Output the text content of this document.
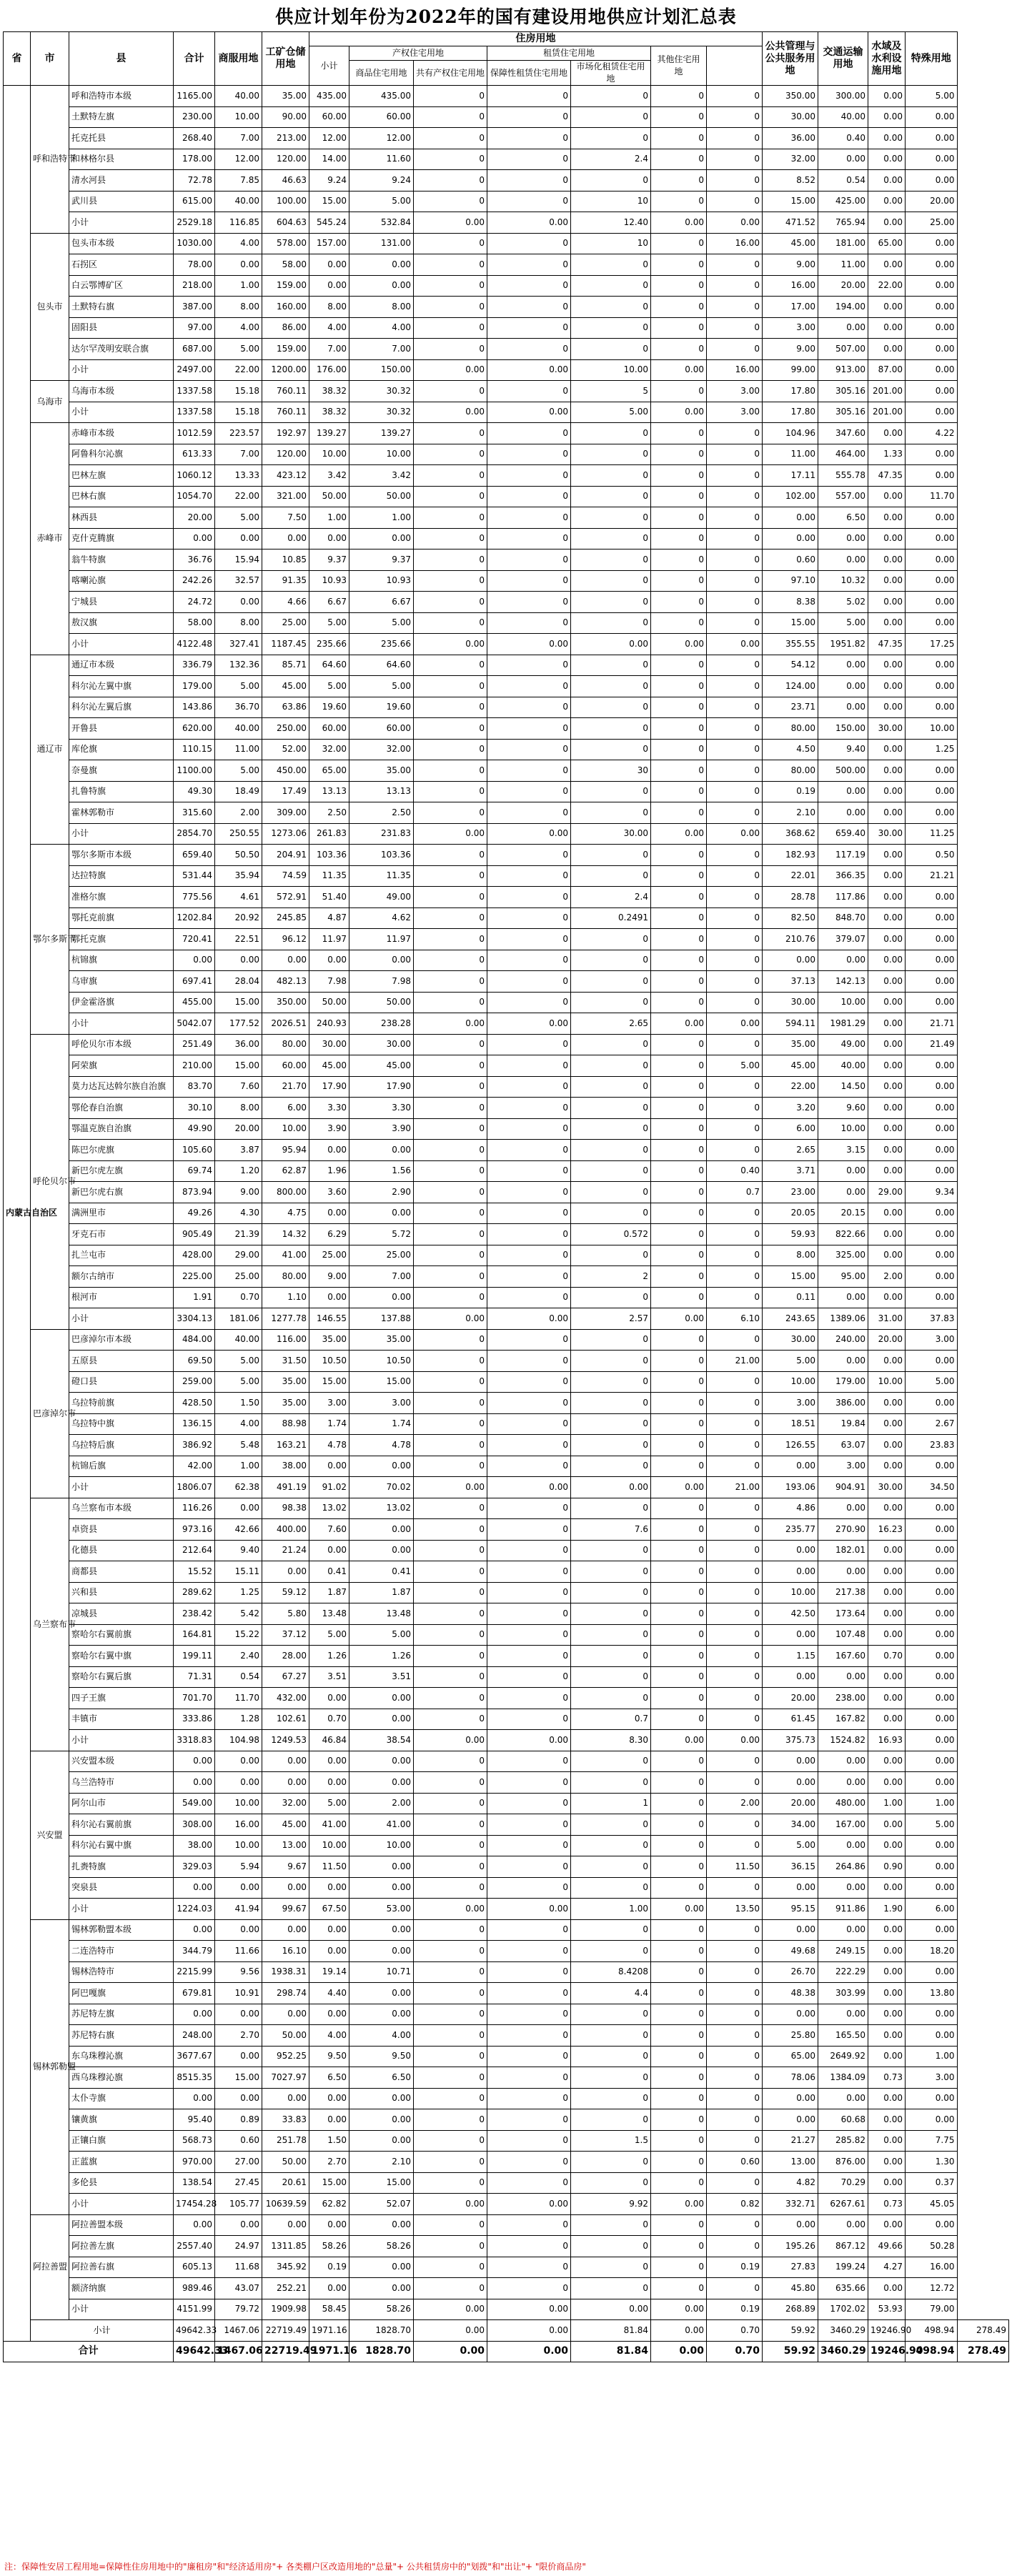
供应计划年份为2022年的国有建设用地供应计划汇总表
省	市	县	合计	商服用地	工矿仓储用地	住房用地							公共管理与公共服务用地	交通运输用地	水域及水利设施用地	特殊用地	
						小计	产权住宅用地		租赁住宅用地		其他住宅用地						
							商品住宅用地	共有产权住宅用地	保障性租赁住宅用地	市场化租赁住宅用地							
内蒙古自治区	呼和浩特市	呼和浩特市本级	1165.00	40.00	35.00	435.00	435.00	0	0	0	0	0	350.00	300.00	0.00	5.00	
		土默特左旗	230.00	10.00	90.00	60.00	60.00	0	0	0	0	0	30.00	40.00	0.00	0.00	
		托克托县	268.40	7.00	213.00	12.00	12.00	0	0	0	0	0	36.00	0.40	0.00	0.00	
		和林格尔县	178.00	12.00	120.00	14.00	11.60	0	0	2.4	0	0	32.00	0.00	0.00	0.00	
		清水河县	72.78	7.85	46.63	9.24	9.24	0	0	0	0	0	8.52	0.54	0.00	0.00	
		武川县	615.00	40.00	100.00	15.00	5.00	0	0	10	0	0	15.00	425.00	0.00	20.00	
		小计	2529.18	116.85	604.63	545.24	532.84	0.00	0.00	12.40	0.00	0.00	471.52	765.94	0.00	25.00	
	包头市	包头市本级	1030.00	4.00	578.00	157.00	131.00	0	0	10	0	16.00	45.00	181.00	65.00	0.00	
		石拐区	78.00	0.00	58.00	0.00	0.00	0	0	0	0	0	9.00	11.00	0.00	0.00	
		白云鄂博矿区	218.00	1.00	159.00	0.00	0.00	0	0	0	0	0	16.00	20.00	22.00	0.00	
		土默特右旗	387.00	8.00	160.00	8.00	8.00	0	0	0	0	0	17.00	194.00	0.00	0.00	
		固阳县	97.00	4.00	86.00	4.00	4.00	0	0	0	0	0	3.00	0.00	0.00	0.00	
		达尔罕茂明安联合旗	687.00	5.00	159.00	7.00	7.00	0	0	0	0	0	9.00	507.00	0.00	0.00	
		小计	2497.00	22.00	1200.00	176.00	150.00	0.00	0.00	10.00	0.00	16.00	99.00	913.00	87.00	0.00	
	乌海市	乌海市本级	1337.58	15.18	760.11	38.32	30.32	0	0	5	0	3.00	17.80	305.16	201.00	0.00	
		小计	1337.58	15.18	760.11	38.32	30.32	0.00	0.00	5.00	0.00	3.00	17.80	305.16	201.00	0.00	
	赤峰市	赤峰市本级	1012.59	223.57	192.97	139.27	139.27	0	0	0	0	0	104.96	347.60	0.00	4.22	
		阿鲁科尔沁旗	613.33	7.00	120.00	10.00	10.00	0	0	0	0	0	11.00	464.00	1.33	0.00	
		巴林左旗	1060.12	13.33	423.12	3.42	3.42	0	0	0	0	0	17.11	555.78	47.35	0.00	
		巴林右旗	1054.70	22.00	321.00	50.00	50.00	0	0	0	0	0	102.00	557.00	0.00	11.70	
		林西县	20.00	5.00	7.50	1.00	1.00	0	0	0	0	0	0.00	6.50	0.00	0.00	
		克什克腾旗	0.00	0.00	0.00	0.00	0.00	0	0	0	0	0	0.00	0.00	0.00	0.00	
		翁牛特旗	36.76	15.94	10.85	9.37	9.37	0	0	0	0	0	0.60	0.00	0.00	0.00	
		喀喇沁旗	242.26	32.57	91.35	10.93	10.93	0	0	0	0	0	97.10	10.32	0.00	0.00	
		宁城县	24.72	0.00	4.66	6.67	6.67	0	0	0	0	0	8.38	5.02	0.00	0.00	
		敖汉旗	58.00	8.00	25.00	5.00	5.00	0	0	0	0	0	15.00	5.00	0.00	0.00	
		小计	4122.48	327.41	1187.45	235.66	235.66	0.00	0.00	0.00	0.00	0.00	355.55	1951.82	47.35	17.25	
	通辽市	通辽市本级	336.79	132.36	85.71	64.60	64.60	0	0	0	0	0	54.12	0.00	0.00	0.00	
		科尔沁左翼中旗	179.00	5.00	45.00	5.00	5.00	0	0	0	0	0	124.00	0.00	0.00	0.00	
		科尔沁左翼后旗	143.86	36.70	63.86	19.60	19.60	0	0	0	0	0	23.71	0.00	0.00	0.00	
		开鲁县	620.00	40.00	250.00	60.00	60.00	0	0	0	0	0	80.00	150.00	30.00	10.00	
		库伦旗	110.15	11.00	52.00	32.00	32.00	0	0	0	0	0	4.50	9.40	0.00	1.25	
		奈曼旗	1100.00	5.00	450.00	65.00	35.00	0	0	30	0	0	80.00	500.00	0.00	0.00	
		扎鲁特旗	49.30	18.49	17.49	13.13	13.13	0	0	0	0	0	0.19	0.00	0.00	0.00	
		霍林郭勒市	315.60	2.00	309.00	2.50	2.50	0	0	0	0	0	2.10	0.00	0.00	0.00	
		小计	2854.70	250.55	1273.06	261.83	231.83	0.00	0.00	30.00	0.00	0.00	368.62	659.40	30.00	11.25	
	鄂尔多斯市	鄂尔多斯市本级	659.40	50.50	204.91	103.36	103.36	0	0	0	0	0	182.93	117.19	0.00	0.50	
		达拉特旗	531.44	35.94	74.59	11.35	11.35	0	0	0	0	0	22.01	366.35	0.00	21.21	
		准格尔旗	775.56	4.61	572.91	51.40	49.00	0	0	2.4	0	0	28.78	117.86	0.00	0.00	
		鄂托克前旗	1202.84	20.92	245.85	4.87	4.62	0	0	0.2491	0	0	82.50	848.70	0.00	0.00	
		鄂托克旗	720.41	22.51	96.12	11.97	11.97	0	0	0	0	0	210.76	379.07	0.00	0.00	
		杭锦旗	0.00	0.00	0.00	0.00	0.00	0	0	0	0	0	0.00	0.00	0.00	0.00	
		乌审旗	697.41	28.04	482.13	7.98	7.98	0	0	0	0	0	37.13	142.13	0.00	0.00	
		伊金霍洛旗	455.00	15.00	350.00	50.00	50.00	0	0	0	0	0	30.00	10.00	0.00	0.00	
		小计	5042.07	177.52	2026.51	240.93	238.28	0.00	0.00	2.65	0.00	0.00	594.11	1981.29	0.00	21.71	
	呼伦贝尔市	呼伦贝尔市本级	251.49	36.00	80.00	30.00	30.00	0	0	0	0	0	35.00	49.00	0.00	21.49	
		阿荣旗	210.00	15.00	60.00	45.00	45.00	0	0	0	0	5.00	45.00	40.00	0.00	0.00	
		莫力达瓦达斡尔族自治旗	83.70	7.60	21.70	17.90	17.90	0	0	0	0	0	22.00	14.50	0.00	0.00	
		鄂伦春自治旗	30.10	8.00	6.00	3.30	3.30	0	0	0	0	0	3.20	9.60	0.00	0.00	
		鄂温克族自治旗	49.90	20.00	10.00	3.90	3.90	0	0	0	0	0	6.00	10.00	0.00	0.00	
		陈巴尔虎旗	105.60	3.87	95.94	0.00	0.00	0	0	0	0	0	2.65	3.15	0.00	0.00	
		新巴尔虎左旗	69.74	1.20	62.87	1.96	1.56	0	0	0	0	0.40	3.71	0.00	0.00	0.00	
		新巴尔虎右旗	873.94	9.00	800.00	3.60	2.90	0	0	0	0	0.7	23.00	0.00	29.00	9.34	
		满洲里市	49.26	4.30	4.75	0.00	0.00	0	0	0	0	0	20.05	20.15	0.00	0.00	
		牙克石市	905.49	21.39	14.32	6.29	5.72	0	0	0.572	0	0	59.93	822.66	0.00	0.00	
		扎兰屯市	428.00	29.00	41.00	25.00	25.00	0	0	0	0	0	8.00	325.00	0.00	0.00	
		额尔古纳市	225.00	25.00	80.00	9.00	7.00	0	0	2	0	0	15.00	95.00	2.00	0.00	
		根河市	1.91	0.70	1.10	0.00	0.00	0	0	0	0	0	0.11	0.00	0.00	0.00	
		小计	3304.13	181.06	1277.78	146.55	137.88	0.00	0.00	2.57	0.00	6.10	243.65	1389.06	31.00	37.83	
	巴彦淖尔市	巴彦淖尔市本级	484.00	40.00	116.00	35.00	35.00	0	0	0	0	0	30.00	240.00	20.00	3.00	
		五原县	69.50	5.00	31.50	10.50	10.50	0	0	0	0	21.00	5.00	0.00	0.00	0.00	
		磴口县	259.00	5.00	35.00	15.00	15.00	0	0	0	0	0	10.00	179.00	10.00	5.00	
		乌拉特前旗	428.50	1.50	35.00	3.00	3.00	0	0	0	0	0	3.00	386.00	0.00	0.00	
		乌拉特中旗	136.15	4.00	88.98	1.74	1.74	0	0	0	0	0	18.51	19.84	0.00	2.67	
		乌拉特后旗	386.92	5.48	163.21	4.78	4.78	0	0	0	0	0	126.55	63.07	0.00	23.83	
		杭锦后旗	42.00	1.00	38.00	0.00	0.00	0	0	0	0	0	0.00	3.00	0.00	0.00	
		小计	1806.07	62.38	491.19	91.02	70.02	0.00	0.00	0.00	0.00	21.00	193.06	904.91	30.00	34.50	
	乌兰察布市	乌兰察布市本级	116.26	0.00	98.38	13.02	13.02	0	0	0	0	0	4.86	0.00	0.00	0.00	
		卓资县	973.16	42.66	400.00	7.60	0.00	0	0	7.6	0	0	235.77	270.90	16.23	0.00	
		化德县	212.64	9.40	21.24	0.00	0.00	0	0	0	0	0	0.00	182.01	0.00	0.00	
		商都县	15.52	15.11	0.00	0.41	0.41	0	0	0	0	0	0.00	0.00	0.00	0.00	
		兴和县	289.62	1.25	59.12	1.87	1.87	0	0	0	0	0	10.00	217.38	0.00	0.00	
		凉城县	238.42	5.42	5.80	13.48	13.48	0	0	0	0	0	42.50	173.64	0.00	0.00	
		察哈尔右翼前旗	164.81	15.22	37.12	5.00	5.00	0	0	0	0	0	0.00	107.48	0.00	0.00	
		察哈尔右翼中旗	199.11	2.40	28.00	1.26	1.26	0	0	0	0	0	1.15	167.60	0.70	0.00	
		察哈尔右翼后旗	71.31	0.54	67.27	3.51	3.51	0	0	0	0	0	0.00	0.00	0.00	0.00	
		四子王旗	701.70	11.70	432.00	0.00	0.00	0	0	0	0	0	20.00	238.00	0.00	0.00	
		丰镇市	333.86	1.28	102.61	0.70	0.00	0	0	0.7	0	0	61.45	167.82	0.00	0.00	
		小计	3318.83	104.98	1249.53	46.84	38.54	0.00	0.00	8.30	0.00	0.00	375.73	1524.82	16.93	0.00	
	兴安盟	兴安盟本级	0.00	0.00	0.00	0.00	0.00	0	0	0	0	0	0.00	0.00	0.00	0.00	
		乌兰浩特市	0.00	0.00	0.00	0.00	0.00	0	0	0	0	0	0.00	0.00	0.00	0.00	
		阿尔山市	549.00	10.00	32.00	5.00	2.00	0	0	1	0	2.00	20.00	480.00	1.00	1.00	
		科尔沁右翼前旗	308.00	16.00	45.00	41.00	41.00	0	0	0	0	0	34.00	167.00	0.00	5.00	
		科尔沁右翼中旗	38.00	10.00	13.00	10.00	10.00	0	0	0	0	0	5.00	0.00	0.00	0.00	
		扎赉特旗	329.03	5.94	9.67	11.50	0.00	0	0	0	0	11.50	36.15	264.86	0.90	0.00	
		突泉县	0.00	0.00	0.00	0.00	0.00	0	0	0	0	0	0.00	0.00	0.00	0.00	
		小计	1224.03	41.94	99.67	67.50	53.00	0.00	0.00	1.00	0.00	13.50	95.15	911.86	1.90	6.00	
	锡林郭勒盟	锡林郭勒盟本级	0.00	0.00	0.00	0.00	0.00	0	0	0	0	0	0.00	0.00	0.00	0.00	
		二连浩特市	344.79	11.66	16.10	0.00	0.00	0	0	0	0	0	49.68	249.15	0.00	18.20	
		锡林浩特市	2215.99	9.56	1938.31	19.14	10.71	0	0	8.4208	0	0	26.70	222.29	0.00	0.00	
		阿巴嘎旗	679.81	10.91	298.74	4.40	0.00	0	0	4.4	0	0	48.38	303.99	0.00	13.80	
		苏尼特左旗	0.00	0.00	0.00	0.00	0.00	0	0	0	0	0	0.00	0.00	0.00	0.00	
		苏尼特右旗	248.00	2.70	50.00	4.00	4.00	0	0	0	0	0	25.80	165.50	0.00	0.00	
		东乌珠穆沁旗	3677.67	0.00	952.25	9.50	9.50	0	0	0	0	0	65.00	2649.92	0.00	1.00	
		西乌珠穆沁旗	8515.35	15.00	7027.97	6.50	6.50	0	0	0	0	0	78.06	1384.09	0.73	3.00	
		太仆寺旗	0.00	0.00	0.00	0.00	0.00	0	0	0	0	0	0.00	0.00	0.00	0.00	
		镶黄旗	95.40	0.89	33.83	0.00	0.00	0	0	0	0	0	0.00	60.68	0.00	0.00	
		正镶白旗	568.73	0.60	251.78	1.50	0.00	0	0	1.5	0	0	21.27	285.82	0.00	7.75	
		正蓝旗	970.00	27.00	50.00	2.70	2.10	0	0	0	0	0.60	13.00	876.00	0.00	1.30	
		多伦县	138.54	27.45	20.61	15.00	15.00	0	0	0	0	0	4.82	70.29	0.00	0.37	
		小计	17454.28	105.77	10639.59	62.82	52.07	0.00	0.00	9.92	0.00	0.82	332.71	6267.61	0.73	45.05	
	阿拉善盟	阿拉善盟本级	0.00	0.00	0.00	0.00	0.00	0	0	0	0	0	0.00	0.00	0.00	0.00	
		阿拉善左旗	2557.40	24.97	1311.85	58.26	58.26	0	0	0	0	0	195.26	867.12	49.66	50.28	
		阿拉善右旗	605.13	11.68	345.92	0.19	0.00	0	0	0	0	0.19	27.83	199.24	4.27	16.00	
		额济纳旗	989.46	43.07	252.21	0.00	0.00	0	0	0	0	0	45.80	635.66	0.00	12.72	
		小计	4151.99	79.72	1909.98	58.45	58.26	0.00	0.00	0.00	0.00	0.19	268.89	1702.02	53.93	79.00	
	小计		49642.33	1467.06	22719.49	1971.16	1828.70	0.00	0.00	81.84	0.00	0.70	59.92	3460.29	19246.90	498.94	278.49
合计			49642.33	1467.06	22719.49	1971.16	1828.70	0.00	0.00	81.84	0.00	0.70	59.92	3460.29	19246.90	498.94	278.49
注：保障性安居工程用地=保障性住房用地中的"廉租房"和"经济适用房"+ 各类棚户区改造用地的"总量"+ 公共租赁房中的"划拨"和"出让"+ "限价商品房"
